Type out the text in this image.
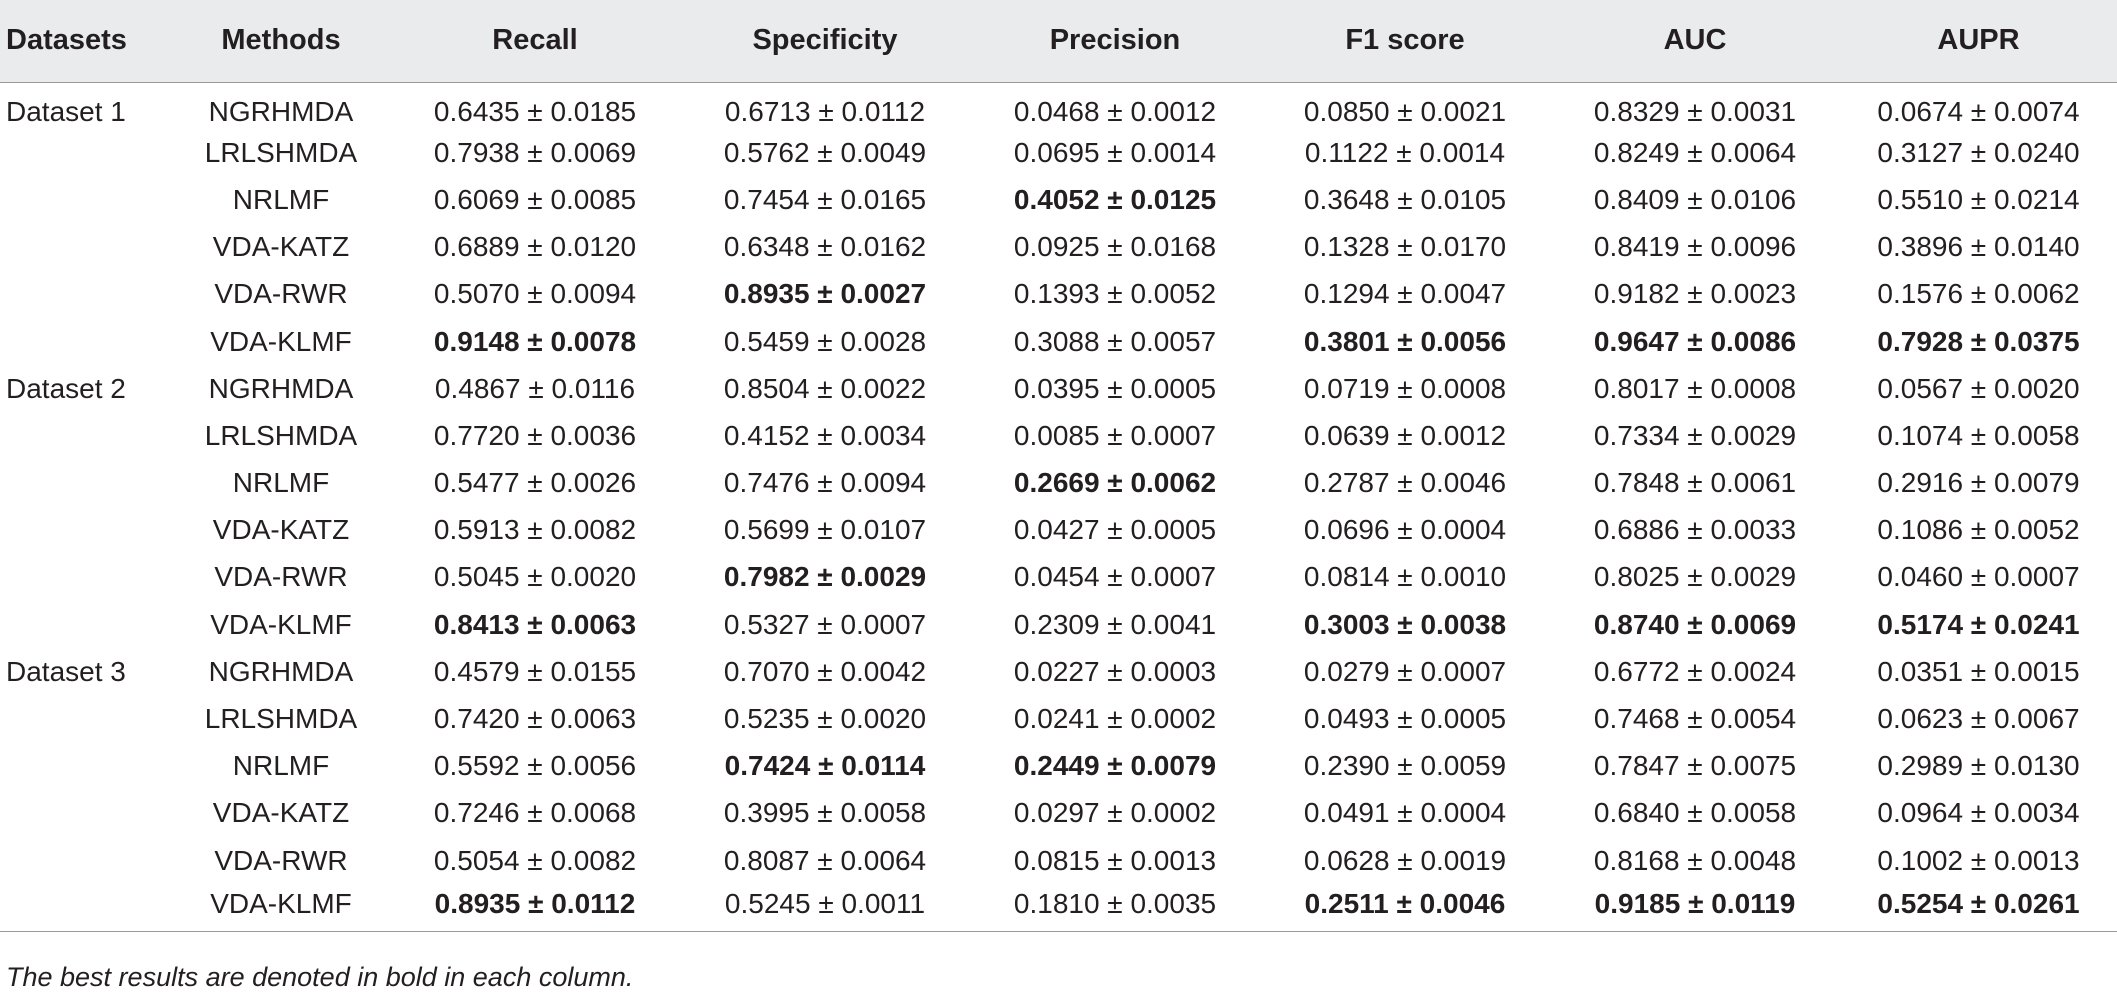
Datasets	Methods	Recall	Specificity	Precision	F1 score	AUC	AUPR
Dataset 1	NGRHMDA	0.6435 ± 0.0185	0.6713 ± 0.0112	0.0468 ± 0.0012	0.0850 ± 0.0021	0.8329 ± 0.0031	0.0674 ± 0.0074
	LRLSHMDA	0.7938 ± 0.0069	0.5762 ± 0.0049	0.0695 ± 0.0014	0.1122 ± 0.0014	0.8249 ± 0.0064	0.3127 ± 0.0240
	NRLMF	0.6069 ± 0.0085	0.7454 ± 0.0165	0.4052 ± 0.0125	0.3648 ± 0.0105	0.8409 ± 0.0106	0.5510 ± 0.0214
	VDA-KATZ	0.6889 ± 0.0120	0.6348 ± 0.0162	0.0925 ± 0.0168	0.1328 ± 0.0170	0.8419 ± 0.0096	0.3896 ± 0.0140
	VDA-RWR	0.5070 ± 0.0094	0.8935 ± 0.0027	0.1393 ± 0.0052	0.1294 ± 0.0047	0.9182 ± 0.0023	0.1576 ± 0.0062
	VDA-KLMF	0.9148 ± 0.0078	0.5459 ± 0.0028	0.3088 ± 0.0057	0.3801 ± 0.0056	0.9647 ± 0.0086	0.7928 ± 0.0375
Dataset 2	NGRHMDA	0.4867 ± 0.0116	0.8504 ± 0.0022	0.0395 ± 0.0005	0.0719 ± 0.0008	0.8017 ± 0.0008	0.0567 ± 0.0020
	LRLSHMDA	0.7720 ± 0.0036	0.4152 ± 0.0034	0.0085 ± 0.0007	0.0639 ± 0.0012	0.7334 ± 0.0029	0.1074 ± 0.0058
	NRLMF	0.5477 ± 0.0026	0.7476 ± 0.0094	0.2669 ± 0.0062	0.2787 ± 0.0046	0.7848 ± 0.0061	0.2916 ± 0.0079
	VDA-KATZ	0.5913 ± 0.0082	0.5699 ± 0.0107	0.0427 ± 0.0005	0.0696 ± 0.0004	0.6886 ± 0.0033	0.1086 ± 0.0052
	VDA-RWR	0.5045 ± 0.0020	0.7982 ± 0.0029	0.0454 ± 0.0007	0.0814 ± 0.0010	0.8025 ± 0.0029	0.0460 ± 0.0007
	VDA-KLMF	0.8413 ± 0.0063	0.5327 ± 0.0007	0.2309 ± 0.0041	0.3003 ± 0.0038	0.8740 ± 0.0069	0.5174 ± 0.0241
Dataset 3	NGRHMDA	0.4579 ± 0.0155	0.7070 ± 0.0042	0.0227 ± 0.0003	0.0279 ± 0.0007	0.6772 ± 0.0024	0.0351 ± 0.0015
	LRLSHMDA	0.7420 ± 0.0063	0.5235 ± 0.0020	0.0241 ± 0.0002	0.0493 ± 0.0005	0.7468 ± 0.0054	0.0623 ± 0.0067
	NRLMF	0.5592 ± 0.0056	0.7424 ± 0.0114	0.2449 ± 0.0079	0.2390 ± 0.0059	0.7847 ± 0.0075	0.2989 ± 0.0130
	VDA-KATZ	0.7246 ± 0.0068	0.3995 ± 0.0058	0.0297 ± 0.0002	0.0491 ± 0.0004	0.6840 ± 0.0058	0.0964 ± 0.0034
	VDA-RWR	0.5054 ± 0.0082	0.8087 ± 0.0064	0.0815 ± 0.0013	0.0628 ± 0.0019	0.8168 ± 0.0048	0.1002 ± 0.0013
	VDA-KLMF	0.8935 ± 0.0112	0.5245 ± 0.0011	0.1810 ± 0.0035	0.2511 ± 0.0046	0.9185 ± 0.0119	0.5254 ± 0.0261
The best results are denoted in bold in each column.
